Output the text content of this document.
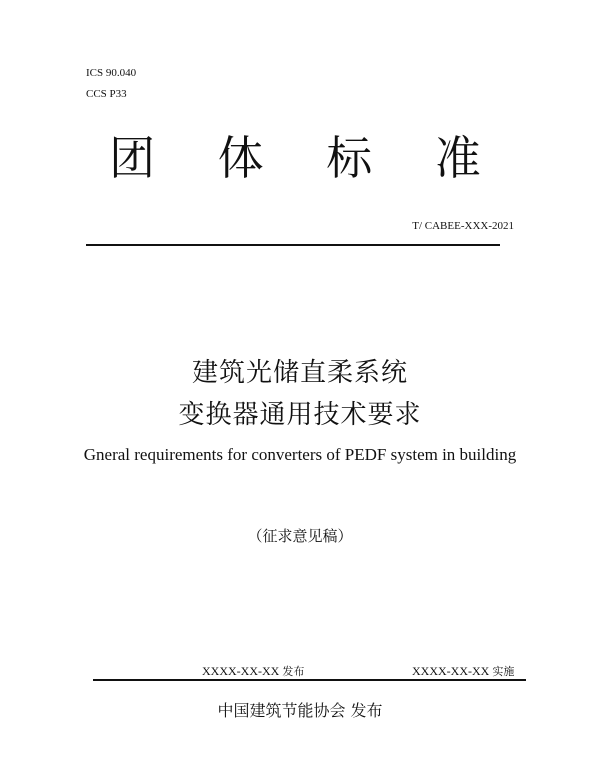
ICS 90.040
CCS P33
团 体 标 准
T/ CABEE-XXX-2021
建筑光储直柔系统
变换器通用技术要求
Gneral requirements for converters of PEDF system in building
（征求意见稿）
XXXX-XX-XX 发布	XXXX-XX-XX 实施
中国建筑节能协会 发布
